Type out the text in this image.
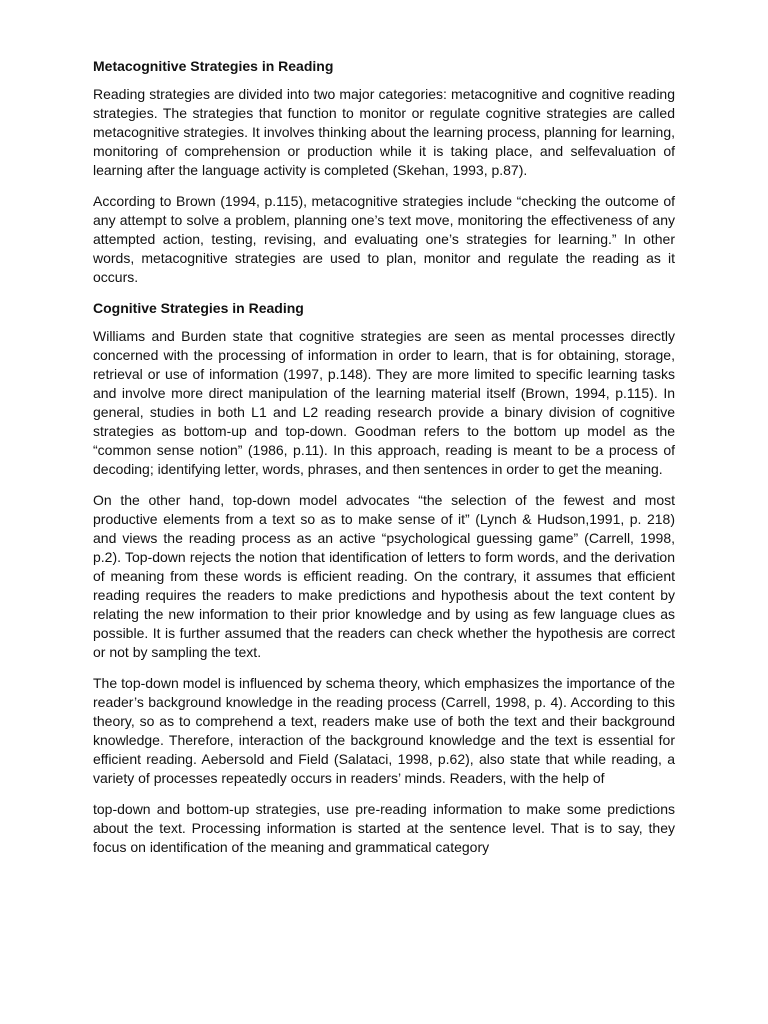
Metacognitive Strategies in Reading

Reading strategies are divided into two major categories: metacognitive and cognitive reading strategies. The strategies that function to monitor or regulate cognitive strategies are called metacognitive strategies. It involves thinking about the learning process, planning for learning, monitoring of comprehension or production while it is taking place, and selfevaluation of learning after the language activity is completed (Skehan, 1993, p.87).

According to Brown (1994, p.115), metacognitive strategies include “checking the outcome of any attempt to solve a problem, planning one’s text move, monitoring the effectiveness of any attempted action, testing, revising, and evaluating one’s strategies for learning.” In other words, metacognitive strategies are used to plan, monitor and regulate the reading as it occurs.

Cognitive Strategies in Reading

Williams and Burden state that cognitive strategies are seen as mental processes directly concerned with the processing of information in order to learn, that is for obtaining, storage, retrieval or use of information (1997, p.148). They are more limited to specific learning tasks and involve more direct manipulation of the learning material itself (Brown, 1994, p.115). In general, studies in both L1 and L2 reading research provide a binary division of cognitive strategies as bottom-up and top-down. Goodman refers to the bottom up model as the “common sense notion” (1986, p.11). In this approach, reading is meant to be a process of decoding; identifying letter, words, phrases, and then sentences in order to get the meaning.

On the other hand, top-down model advocates “the selection of the fewest and most productive elements from a text so as to make sense of it” (Lynch & Hudson,1991, p. 218) and views the reading process as an active “psychological guessing game” (Carrell, 1998, p.2). Top-down rejects the notion that identification of letters to form words, and the derivation of meaning from these words is efficient reading. On the contrary, it assumes that efficient reading requires the readers to make predictions and hypothesis about the text content by relating the new information to their prior knowledge and by using as few language clues as possible. It is further assumed that the readers can check whether the hypothesis are correct or not by sampling the text.

The top-down model is influenced by schema theory, which emphasizes the importance of the reader’s background knowledge in the reading process (Carrell, 1998, p. 4). According to this theory, so as to comprehend a text, readers make use of both the text and their background knowledge. Therefore, interaction of the background knowledge and the text is essential for efficient reading. Aebersold and Field (Salataci, 1998, p.62), also state that while reading, a variety of processes repeatedly occurs in readers’ minds. Readers, with the help of

top-down and bottom-up strategies, use pre-reading information to make some predictions about the text. Processing information is started at the sentence level. That is to say, they focus on identification of the meaning and grammatical category
